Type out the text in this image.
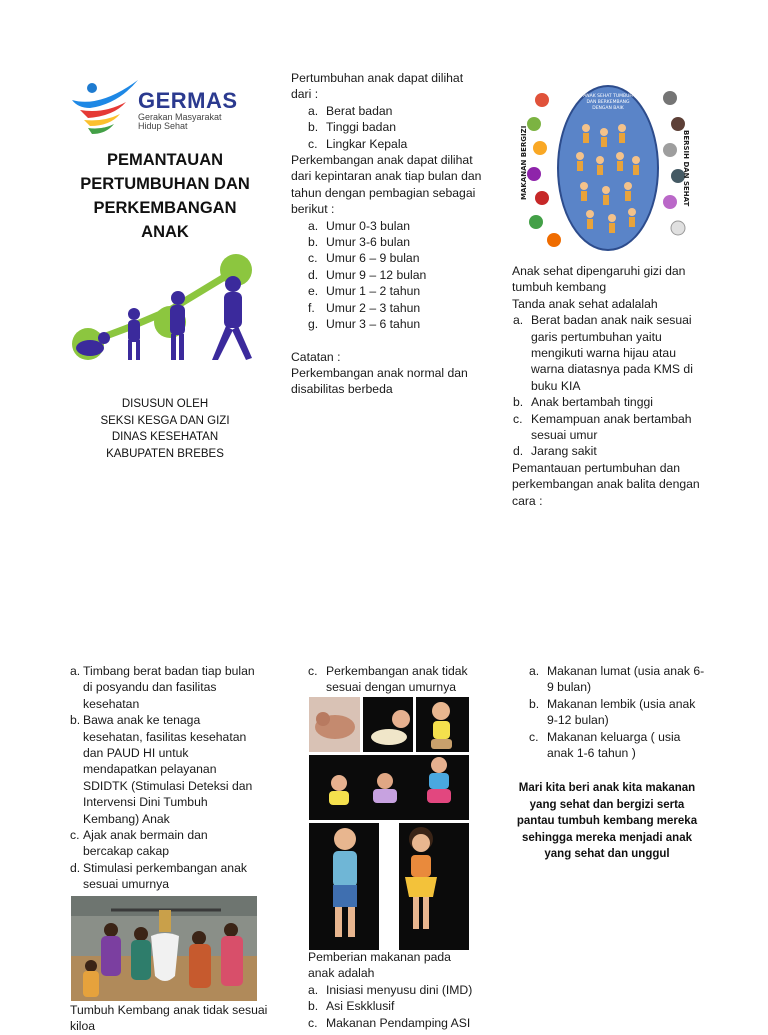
GERMAS
Gerakan Masyarakat
Hidup Sehat
PEMANTAUAN PERTUMBUHAN DAN PERKEMBANGAN ANAK
DISUSUN OLEH
SEKSI KESGA DAN GIZI
DINAS KESEHATAN
KABUPATEN BREBES

Pertumbuhan anak dapat dilihat dari :

a. Berat badan
b. Tinggi badan
c. Lingkar Kepala

Perkembangan anak dapat dilihat dari kepintaran anak tiap bulan dan tahun dengan pembagian sebagai berikut :

a. Umur 0-3 bulan
b. Umur 3-6 bulan
c. Umur 6 – 9 bulan
d. Umur 9 – 12 bulan
e. Umur 1 – 2 tahun
f. Umur 2 – 3 tahun
g. Umur 3 – 6 tahun

Catatan :

Perkembangan anak normal dan disabilitas berbeda

MAKANAN BERGIZI	BERSIH DAN SEHAT
ANAK SEHAT TUMBUH DAN BERKEMBANG DENGAN BAIK

Anak sehat dipengaruhi gizi dan tumbuh kembang

Tanda anak sehat adalalah

a. Berat badan anak naik sesuai garis pertumbuhan yaitu mengikuti warna hijau atau warna diatasnya pada KMS di buku KIA
b. Anak bertambah tinggi
c. Kemampuan anak bertambah sesuai umur
d. Jarang sakit

Pemantauan pertumbuhan dan perkembangan anak balita dengan cara :

a. Timbang berat badan tiap bulan di posyandu dan fasilitas kesehatan
b. Bawa anak ke tenaga kesehatan, fasilitas kesehatan dan PAUD HI untuk mendapatkan pelayanan SDIDTK (Stimulasi Deteksi dan Intervensi Dini Tumbuh Kembang) Anak
c. Ajak anak bermain dan bercakap cakap
d. Stimulasi perkembangan anak sesuai umurnya
Tumbuh Kembang anak tidak sesuai kiloa
c. Perkembangan anak tidak sesuai dengan umurnya

Pemberian makanan pada anak adalah

a. Inisiasi menyusu dini (IMD)
b. Asi Eskklusif
c. Makanan Pendamping ASI
a. Makanan lumat (usia anak 6-9 bulan)
b. Makanan lembik (usia anak 9-12 bulan)
c. Makanan keluarga ( usia anak 1-6 tahun )
Mari kita beri anak kita makanan yang sehat dan bergizi serta pantau tumbuh kembang mereka sehingga mereka menjadi anak yang sehat dan unggul
